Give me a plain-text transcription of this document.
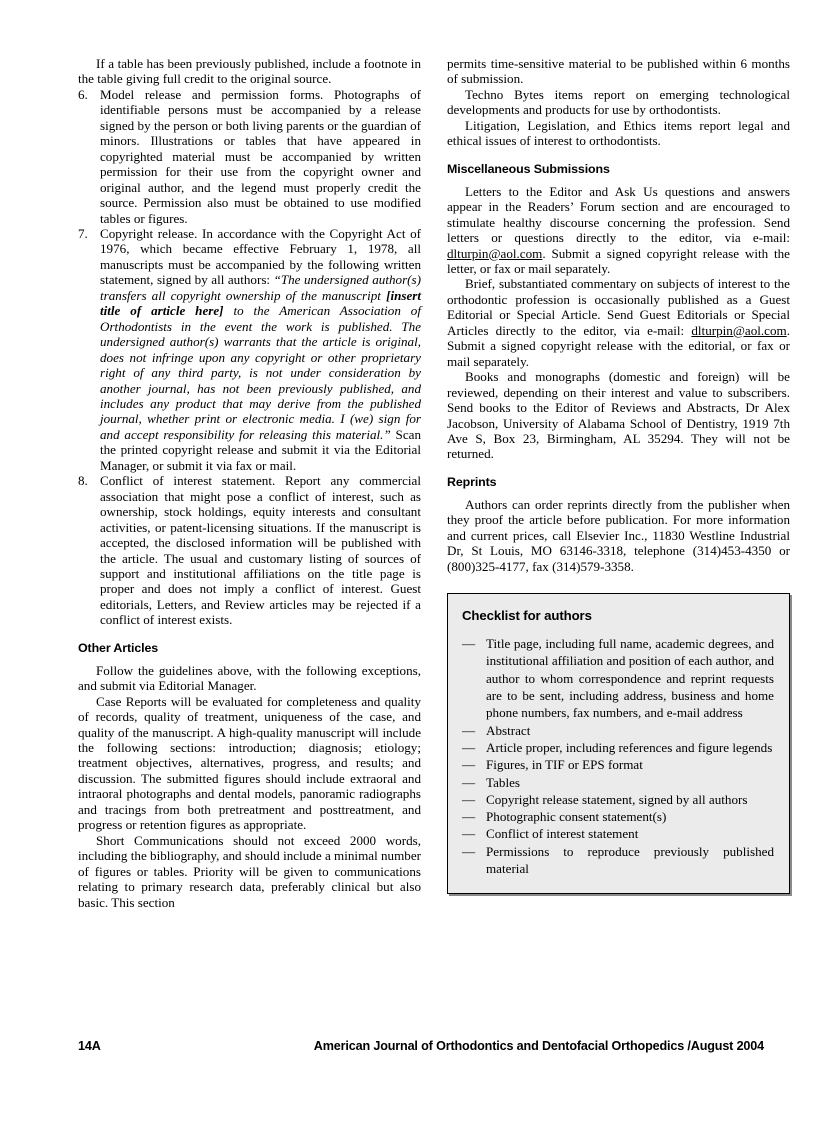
If a table has been previously published, include a footnote in the table giving full credit to the original source.

6. Model release and permission forms. Photographs of identifiable persons must be accompanied by a release signed by the person or both living parents or the guardian of minors. Illustrations or tables that have appeared in copyrighted material must be accompanied by written permission for their use from the copyright owner and original author, and the legend must properly credit the source. Permission also must be obtained to use modified tables or figures.
7. Copyright release. In accordance with the Copyright Act of 1976, which became effective February 1, 1978, all manuscripts must be accompanied by the following written statement, signed by all authors: “The undersigned author(s) transfers all copyright ownership of the manuscript [insert title of article here] to the American Association of Orthodontists in the event the work is published. The undersigned author(s) warrants that the article is original, does not infringe upon any copyright or other proprietary right of any third party, is not under consideration by another journal, has not been previously published, and includes any product that may derive from the published journal, whether print or electronic media. I (we) sign for and accept responsibility for releasing this material.” Scan the printed copyright release and submit it via the Editorial Manager, or submit it via fax or mail.
8. Conflict of interest statement. Report any commercial association that might pose a conflict of interest, such as ownership, stock holdings, equity interests and consultant activities, or patent-licensing situations. If the manuscript is accepted, the disclosed information will be published with the article. The usual and customary listing of sources of support and institutional affiliations on the title page is proper and does not imply a conflict of interest. Guest editorials, Letters, and Review articles may be rejected if a conflict of interest exists.
Other Articles

Follow the guidelines above, with the following exceptions, and submit via Editorial Manager.

Case Reports will be evaluated for completeness and quality of records, quality of treatment, uniqueness of the case, and quality of the manuscript. A high-quality manuscript will include the following sections: introduction; diagnosis; etiology; treatment objectives, alternatives, progress, and results; and discussion. The submitted figures should include extraoral and intraoral photographs and dental models, panoramic radiographs and tracings from both pretreatment and posttreatment, and progress or retention figures as appropriate.

Short Communications should not exceed 2000 words, including the bibliography, and should include a minimal number of figures or tables. Priority will be given to communications relating to primary research data, preferably clinical but also basic. This section

permits time-sensitive material to be published within 6 months of submission.

Techno Bytes items report on emerging technological developments and products for use by orthodontists.

Litigation, Legislation, and Ethics items report legal and ethical issues of interest to orthodontists.

Miscellaneous Submissions

Letters to the Editor and Ask Us questions and answers appear in the Readers’ Forum section and are encouraged to stimulate healthy discourse concerning the profession. Send letters or questions directly to the editor, via e-mail: dlturpin@aol.com. Submit a signed copyright release with the letter, or fax or mail separately.

Brief, substantiated commentary on subjects of interest to the orthodontic profession is occasionally published as a Guest Editorial or Special Article. Send Guest Editorials or Special Articles directly to the editor, via e-mail: dlturpin@aol.com. Submit a signed copyright release with the editorial, or fax or mail separately.

Books and monographs (domestic and foreign) will be reviewed, depending on their interest and value to subscribers. Send books to the Editor of Reviews and Abstracts, Dr Alex Jacobson, University of Alabama School of Dentistry, 1919 7th Ave S, Box 23, Birmingham, AL 35294. They will not be returned.

Reprints

Authors can order reprints directly from the publisher when they proof the article before publication. For more information and current prices, call Elsevier Inc., 11830 Westline Industrial Dr, St Louis, MO 63146-3318, telephone (314)453-4350 or (800)325-4177, fax (314)579-3358.

Checklist for authors
— Title page, including full name, academic degrees, and institutional affiliation and position of each author, and author to whom correspondence and reprint requests are to be sent, including address, business and home phone numbers, fax numbers, and e-mail address
— Abstract
— Article proper, including references and figure legends
— Figures, in TIF or EPS format
— Tables
— Copyright release statement, signed by all authors
— Photographic consent statement(s)
— Conflict of interest statement
— Permissions to reproduce previously published material
14A	American Journal of Orthodontics and Dentofacial Orthopedics /August 2004
